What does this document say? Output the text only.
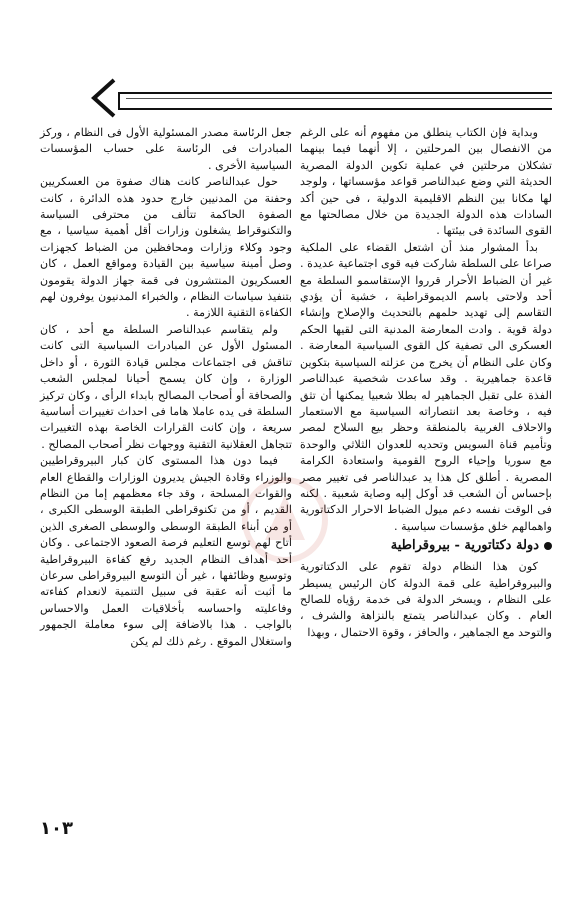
وبداية فإن الكتاب ينطلق من مفهوم أنه على الرغم من الانفصال بين المرحلتين ، إلا أنهما فيما بينهما تشكلان مرحلتين في عملية تكوين الدولة المصرية الحديثة التي وضع عبدالناصر قواعد مؤسساتها ، ولوجد لها مكانا بين النظم الاقليمية الدولية ، فى حين أكد السادات هذه الدولة الجديدة من خلال مصالحتها مع القوى السائدة فى بيئتها .

بدأ المشوار منذ أن اشتعل القضاء على الملكية صراعا على السلطة شاركت فيه قوى اجتماعية عديدة . غير أن الضباط الأحرار قرروا الإستقاسمو السلطة مع أحد ولاحتى باسم الديموقراطية ، خشية أن يؤدي التقاسم إلى تهديد حلمهم بالتحديث والإصلاح وإنشاء دولة قوية . وادت المعارضة المدنية التى لقيها الحكم العسكرى الى تصفية كل القوى السياسية المعارضة . وكان على النظام أن يخرج من عزلته السياسية بتكوين قاعدة جماهيرية . وقد ساعدت شخصية عبدالناصر الفذة على تقبل الجماهير له بطلا شعبيا يمكنها أن تثق فيه ، وخاصة بعد انتصاراته السياسية مع الاستعمار والاحلاف الغربية بالمنطقة وحظر بيع السلاح لمصر وتأميم قناة السويس وتحديه للعدوان الثلاثي والوحدة مع سوريا وإحياء الروح القومية واستعادة الكرامة المصرية . أطلق كل هذا يد عبدالناصر فى تغيير مصر بإحساس أن الشعب قد أوكل إليه وصاية شعبية . لكنه فى الوقت نفسه دعم ميول الضباط الاحرار الدكتاتورية واهمالهم خلق مؤسسات سياسية .

دولة دكتاتورية - بيروقراطية

كون هذا النظام دولة تقوم على الدكتاتورية والبيروقراطية على قمة الدولة كان الرئيس يسيطر على النظام ، ويسخر الدولة فى خدمة رؤياه للصالح العام . وكان عبدالناصر يتمتع بالنزاهة والشرف ، والتوحد مع الجماهير ، والحافز ، وقوة الاحتمال ، وبهذا

جعل الرئاسة مصدر المسئولية الأول فى النظام ، وركز المبادرات فى الرئاسة على حساب المؤسسات السياسية الأخرى .

حول عبدالناصر كانت هناك صفوة من العسكريين وحفنة من المدنيين خارج حدود هذه الدائرة ، كانت الصفوة الحاكمة تتألف من محترفى السياسة والتكنوقراط يشغلون وزارات أقل أهمية سياسيا ، مع وجود وكلاء وزارات ومحافظين من الضباط كجهزات وصل أمينة سياسية بين القيادة ومواقع العمل ، كان العسكريون المنتشرون فى قمة جهاز الدولة يقومون بتنفيذ سياسات النظام ، والخبراء المدنيون يوفرون لهم الكفاءة التقنية اللازمة .

ولم يتقاسم عبدالناصر السلطة مع أحد ، كان المسئول الأول عن المبادرات السياسية التى كانت تناقش فى اجتماعات مجلس قيادة الثورة ، أو داخل الوزارة ، وإن كان يسمح أحيانا لمجلس الشعب والصحافة أو أصحاب المصالح بابداء الرأى ، وكان تركيز السلطة فى يده عاملا هاما فى احداث تغييرات أساسية سريعة ، وإن كانت القرارات الخاصة بهذه التغييرات تتجاهل العقلانية التقنية ووجهات نظر أصحاب المصالح .

فيما دون هذا المستوى كان كبار البيروقراطيين والوزراء وقادة الجيش يديرون الوزارات والقطاع العام والقوات المسلحة ، وقد جاء معظمهم إما من النظام القديم ، أو من تكنوقراطى الطبقة الوسطى الكبرى ، أو من أبناء الطبقة الوسطى والوسطى الصغرى الذين أتاح لهم توسع التعليم فرصة الصعود الاجتماعى . وكان أحد أهداف النظام الجديد رفع كفاءة البيروقراطية وتوسيع وظائفها ، غير أن التوسع البيروقراطى سرعان ما أثبت أنه عقبة فى سبيل التنمية لانعدام كفاءته وفاعليته واحساسه بأخلاقيات العمل والاحساس بالواجب . هذا بالاضافة إلى سوء معاملة الجمهور واستغلال الموقع . رغم ذلك لم يكن

١٠٣
